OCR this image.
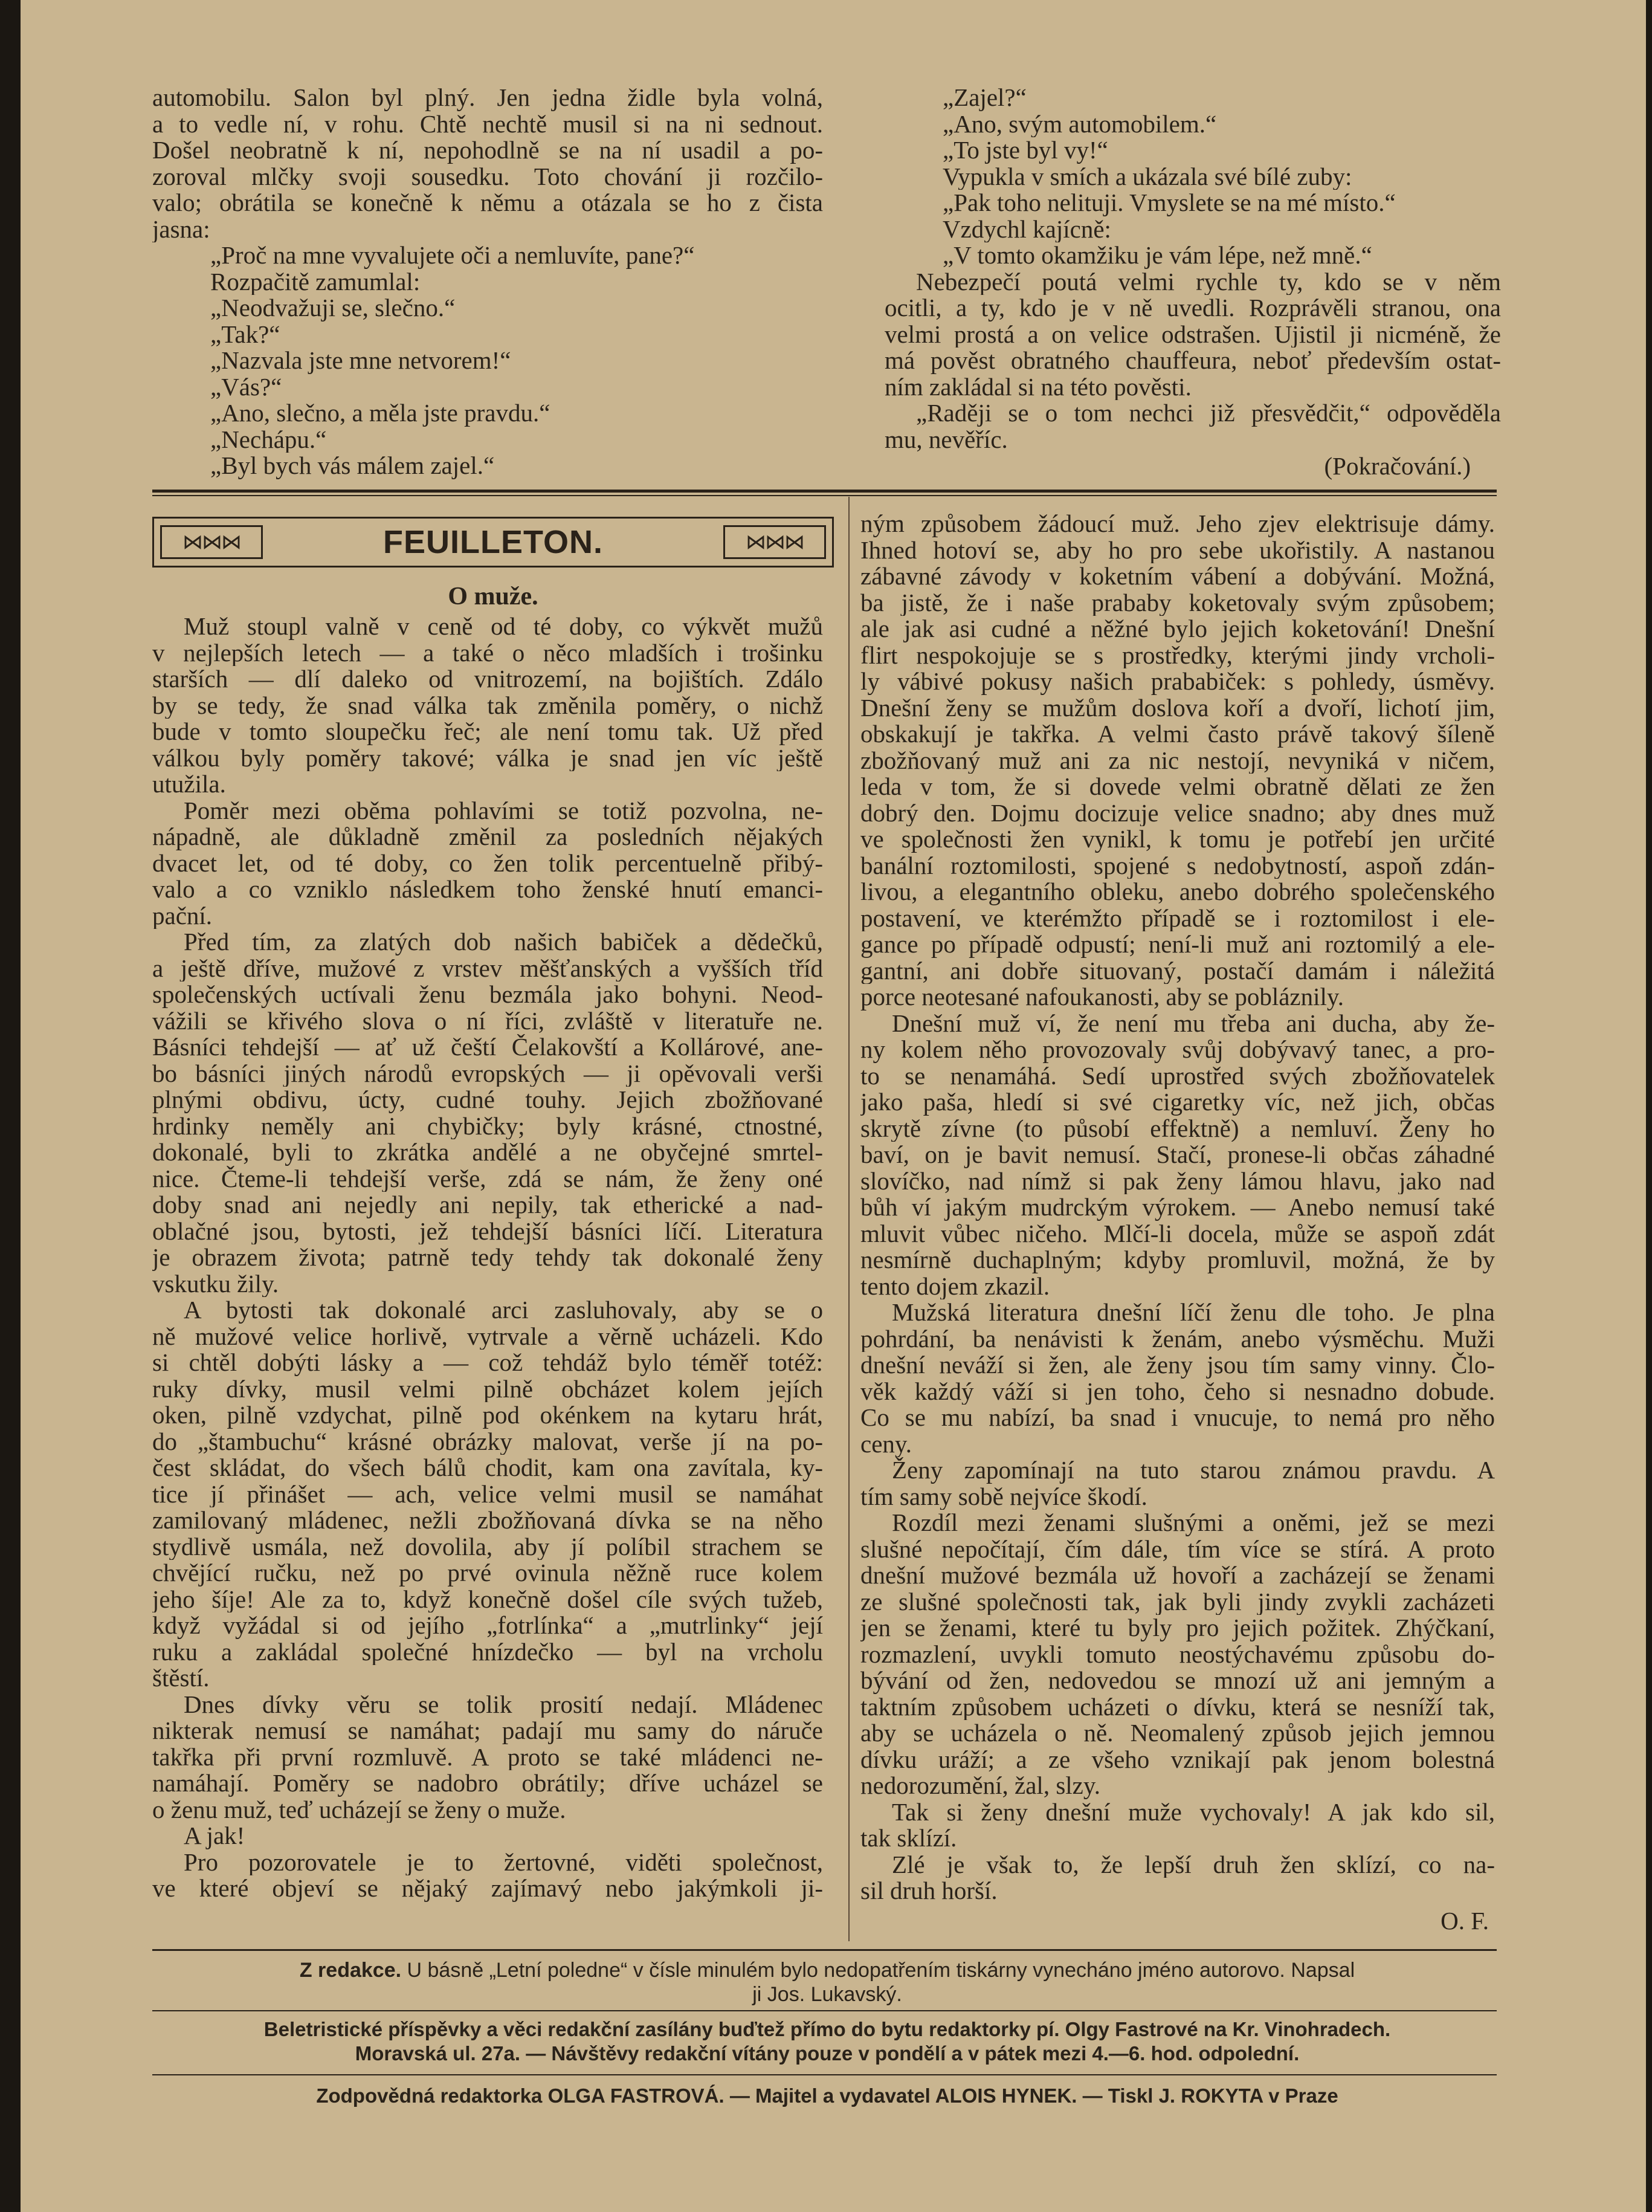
automobilu. Salon byl plný. Jen jedna židle byla volná,

a to vedle ní, v rohu. Chtě nechtě musil si na ni sednout.

Došel neobratně k ní, nepohodlně se na ní usadil a po-

zoroval mlčky svoji sousedku. Toto chování ji rozčilo-

valo; obrátila se konečně k němu a otázala se ho z čista

jasna:

„Proč na mne vyvalujete oči a nemluvíte, pane?“

Rozpačitě zamumlal:

„Neodvažuji se, slečno.“

„Tak?“

„Nazvala jste mne netvorem!“

„Vás?“

„Ano, slečno, a měla jste pravdu.“

„Nechápu.“

„Byl bych vás málem zajel.“

„Zajel?“

„Ano, svým automobilem.“

„To jste byl vy!“

Vypukla v smích a ukázala své bílé zuby:

„Pak toho nelituji. Vmyslete se na mé místo.“

Vzdychl kajícně:

„V tomto okamžiku je vám lépe, než mně.“

Nebezpečí poutá velmi rychle ty, kdo se v něm

ocitli, a ty, kdo je v ně uvedli. Rozprávěli stranou, ona

velmi prostá a on velice odstrašen. Ujistil ji nicméně, že

má pověst obratného chauffeura, neboť především ostat-

ním zakládal si na této pověsti.

„Raději se o tom nechci již přesvědčit,“ odpověděla

mu, nevěříc.

(Pokračování.)
⋈⋈⋈	FEUILLETON.	⋈⋈⋈
O muže.

Muž stoupl valně v ceně od té doby, co výkvět mužů

v nejlepších letech — a také o něco mladších i trošinku

starších — dlí daleko od vnitrozemí, na bojištích. Zdálo

by se tedy, že snad válka tak změnila poměry, o nichž

bude v tomto sloupečku řeč; ale není tomu tak. Už před

válkou byly poměry takové; válka je snad jen víc ještě

utužila.

Poměr mezi oběma pohlavími se totiž pozvolna, ne-

nápadně, ale důkladně změnil za posledních nějakých

dvacet let, od té doby, co žen tolik percentuelně přibý-

valo a co vzniklo následkem toho ženské hnutí emanci-

pační.

Před tím, za zlatých dob našich babiček a dědečků,

a ještě dříve, mužové z vrstev měšťanských a vyšších tříd

společenských uctívali ženu bezmála jako bohyni. Neod-

vážili se křivého slova o ní říci, zvláště v literatuře ne.

Básníci tehdejší — ať už čeští Čelakovští a Kollárové, ane-

bo básníci jiných národů evropských — ji opěvovali verši

plnými obdivu, úcty, cudné touhy. Jejich zbožňované

hrdinky neměly ani chybičky; byly krásné, ctnostné,

dokonalé, byli to zkrátka andělé a ne obyčejné smrtel-

nice. Čteme-li tehdejší verše, zdá se nám, že ženy oné

doby snad ani nejedly ani nepily, tak etherické a nad-

oblačné jsou, bytosti, jež tehdejší básníci líčí. Literatura

je obrazem života; patrně tedy tehdy tak dokonalé ženy

vskutku žily.

A bytosti tak dokonalé arci zasluhovaly, aby se o

ně mužové velice horlivě, vytrvale a věrně ucházeli. Kdo

si chtěl dobýti lásky a — což tehdáž bylo téměř totéž:

ruky dívky, musil velmi pilně obcházet kolem jejích

oken, pilně vzdychat, pilně pod okénkem na kytaru hrát,

do „štambuchu“ krásné obrázky malovat, verše jí na po-

čest skládat, do všech bálů chodit, kam ona zavítala, ky-

tice jí přinášet — ach, velice velmi musil se namáhat

zamilovaný mládenec, nežli zbožňovaná dívka se na něho

stydlivě usmála, než dovolila, aby jí políbil strachem se

chvějící ručku, než po prvé ovinula něžně ruce kolem

jeho šíje! Ale za to, když konečně došel cíle svých tužeb,

když vyžádal si od jejího „fotrlínka“ a „mutrlinky“ její

ruku a zakládal společné hnízdečko — byl na vrcholu

štěstí.

Dnes dívky věru se tolik prosití nedají. Mládenec

nikterak nemusí se namáhat; padají mu samy do náruče

takřka při první rozmluvě. A proto se také mládenci ne-

namáhají. Poměry se nadobro obrátily; dříve ucházel se

o ženu muž, teď ucházejí se ženy o muže.

A jak!

Pro pozorovatele je to žertovné, viděti společnost,

ve které objeví se nějaký zajímavý nebo jakýmkoli ji-

ným způsobem žádoucí muž. Jeho zjev elektrisuje dámy.

Ihned hotoví se, aby ho pro sebe ukořistily. A nastanou

zábavné závody v koketním vábení a dobývání. Možná,

ba jistě, že i naše prababy koketovaly svým způsobem;

ale jak asi cudné a něžné bylo jejich koketování! Dnešní

flirt nespokojuje se s prostředky, kterými jindy vrcholi-

ly vábivé pokusy našich prababiček: s pohledy, úsměvy.

Dnešní ženy se mužům doslova koří a dvoří, lichotí jim,

obskakují je takřka. A velmi často právě takový šíleně

zbožňovaný muž ani za nic nestojí, nevyniká v ničem,

leda v tom, že si dovede velmi obratně dělati ze žen

dobrý den. Dojmu docizuje velice snadno; aby dnes muž

ve společnosti žen vynikl, k tomu je potřebí jen určité

banální roztomilosti, spojené s nedobytností, aspoň zdán-

livou, a elegantního obleku, anebo dobrého společenského

postavení, ve kterémžto případě se i roztomilost i ele-

gance po případě odpustí; není-li muž ani roztomilý a ele-

gantní, ani dobře situovaný, postačí damám i náležitá

porce neotesané nafoukanosti, aby se pobláznily.

Dnešní muž ví, že není mu třeba ani ducha, aby že-

ny kolem něho provozovaly svůj dobývavý tanec, a pro-

to se nenamáhá. Sedí uprostřed svých zbožňovatelek

jako paša, hledí si své cigaretky víc, než jich, občas

skrytě zívne (to působí effektně) a nemluví. Ženy ho

baví, on je bavit nemusí. Stačí, pronese-li občas záhadné

slovíčko, nad nímž si pak ženy lámou hlavu, jako nad

bůh ví jakým mudrckým výrokem. — Anebo nemusí také

mluvit vůbec ničeho. Mlčí-li docela, může se aspoň zdát

nesmírně duchaplným; kdyby promluvil, možná, že by

tento dojem zkazil.

Mužská literatura dnešní líčí ženu dle toho. Je plna

pohrdání, ba nenávisti k ženám, anebo výsměchu. Muži

dnešní neváží si žen, ale ženy jsou tím samy vinny. Člo-

věk každý váží si jen toho, čeho si nesnadno dobude.

Co se mu nabízí, ba snad i vnucuje, to nemá pro něho

ceny.

Ženy zapomínají na tuto starou známou pravdu. A

tím samy sobě nejvíce škodí.

Rozdíl mezi ženami slušnými a oněmi, jež se mezi

slušné nepočítají, čím dále, tím více se stírá. A proto

dnešní mužové bezmála už hovoří a zacházejí se ženami

ze slušné společnosti tak, jak byli jindy zvykli zacházeti

jen se ženami, které tu byly pro jejich požitek. Zhýčkaní,

rozmazlení, uvykli tomuto neostýchavému způsobu do-

bývání od žen, nedovedou se mnozí už ani jemným a

taktním způsobem ucházeti o dívku, která se nesníží tak,

aby se ucházela o ně. Neomalený způsob jejich jemnou

dívku uráží; a ze všeho vznikají pak jenom bolestná

nedorozumění, žal, slzy.

Tak si ženy dnešní muže vychovaly! A jak kdo sil,

tak sklízí.

Zlé je však to, že lepší druh žen sklízí, co na-

sil druh horší.

O. F.
Z redakce. U básně „Letní poledne“ v čísle minulém bylo nedopatřením tiskárny vynecháno jméno autorovo. Napsal
ji Jos. Lukavský.
Beletristické příspěvky a věci redakční zasílány buďtež přímo do bytu redaktorky pí. Olgy Fastrové na Kr. Vinohradech.
Moravská ul. 27a. — Návštěvy redakční vítány pouze v pondělí a v pátek mezi 4.—6. hod. odpolední.
Zodpovědná redaktorka OLGA FASTROVÁ. — Majitel a vydavatel ALOIS HYNEK. — Tiskl J. ROKYTA v Praze
